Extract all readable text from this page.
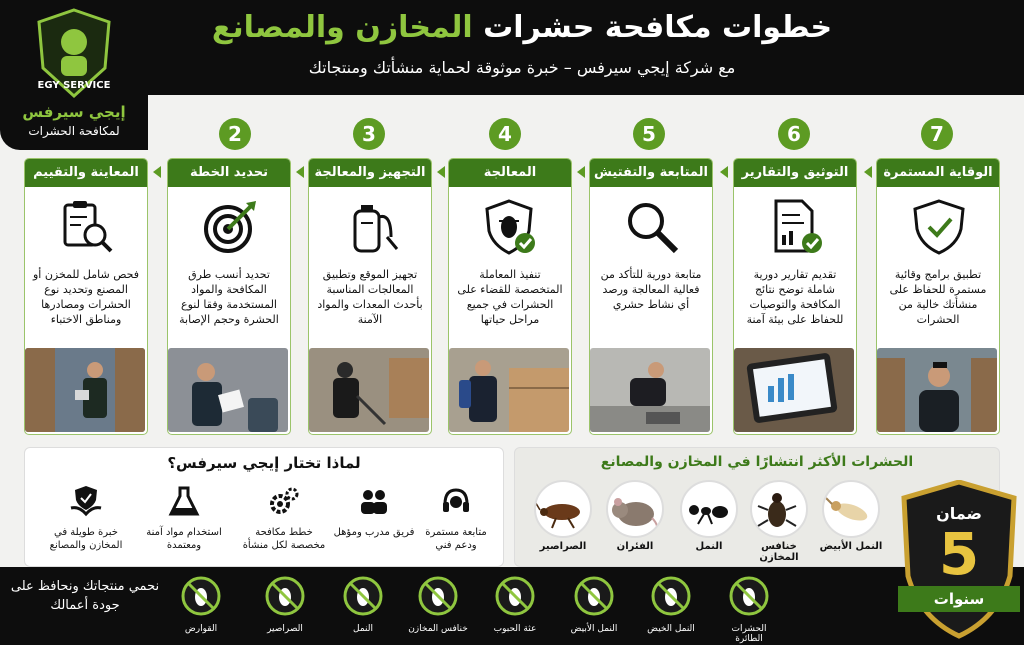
خطوات مكافحة حشرات المخازن والمصانع
مع شركة إيجي سيرفس – خبرة موثوقة لحماية منشأتك ومنتجاتك
EGY SERVICE
إيجي سيرفس
لمكافحة الحشرات	2	3	4	5	6	7
المعاينة والتقييم
فحص شامل للمخزن أو المصنع وتحديد نوع الحشرات ومصادرها ومناطق الاختباء
تحديد الخطة
تحديد أنسب طرق المكافحة والمواد المستخدمة وفقا لنوع الحشرة وحجم الإصابة
التجهيز والمعالجة
تجهيز الموقع وتطبيق المعالجات المناسبة بأحدث المعدات والمواد الآمنة
المعالجة المتخصصة
تنفيذ المعاملة المتخصصة للقضاء على الحشرات في جميع مراحل حياتها
المتابعة والتفتيش
متابعة دورية للتأكد من فعالية المعالجة ورصد أي نشاط حشري
التوثيق والتقارير
تقديم تقارير دورية شاملة توضح نتائج المكافحة والتوصيات للحفاظ على بيئة آمنة
الوقاية المستمرة
تطبيق برامج وقائية مستمرة للحفاظ على منشأتك خالية من الحشرات
لماذا تختار إيجي سيرفس؟
متابعة مستمرة ودعم فني
فريق مدرب ومؤهل
خطط مكافحة مخصصة لكل منشأة
استخدام مواد آمنة ومعتمدة
خبرة طويلة في المخازن والمصانع
الحشرات الأكثر انتشارًا في المخازن والمصانع
النمل الأبيض
خنافس المخازن
النمل
الفئران
الصراصير
نحمي منتجاتك ونحافظ على جودة أعمالك
ضمان
5
سنوات
الحشرات الطائرة
النمل الخيض
النمل الأبيض
عثة الحبوب
خنافس المخازن
النمل
الصراصير
القوارض
